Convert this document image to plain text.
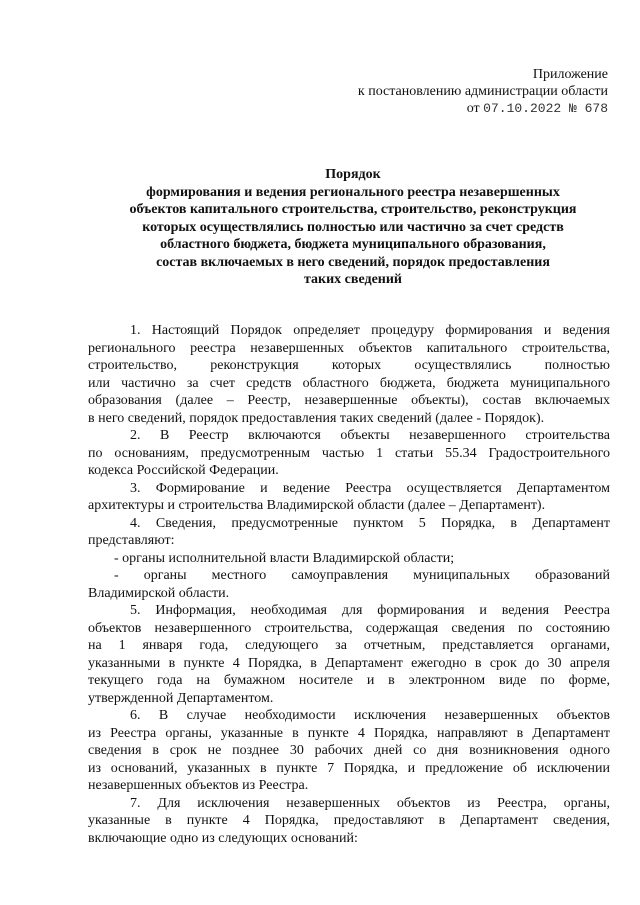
Приложение
к постановлению администрации области
от 07.10.2022 № 678
Порядок
формирования и ведения регионального реестра незавершенных
объектов капитального строительства, строительство, реконструкция
которых осуществлялись полностью или частично за счет средств
областного бюджета, бюджета муниципального образования,
состав включаемых в него сведений, порядок предоставления
таких сведений
1. Настоящий Порядок определяет процедуру формирования и ведения
регионального реестра незавершенных объектов капитального строительства,
строительство, реконструкция которых осуществлялись полностью
или частично за счет средств областного бюджета, бюджета муниципального
образования (далее – Реестр, незавершенные объекты), состав включаемых
в него сведений, порядок предоставления таких сведений (далее - Порядок).
2. В Реестр включаются объекты незавершенного строительства
по основаниям, предусмотренным частью 1 статьи 55.34 Градостроительного
кодекса Российской Федерации.
3. Формирование и ведение Реестра осуществляется Департаментом
архитектуры и строительства Владимирской области (далее – Департамент).
4. Сведения, предусмотренные пунктом 5 Порядка, в Департамент
представляют:
- органы исполнительной власти Владимирской области;
- органы местного самоуправления муниципальных образований
Владимирской области.
5. Информация, необходимая для формирования и ведения Реестра
объектов незавершенного строительства, содержащая сведения по состоянию
на 1 января года, следующего за отчетным, представляется органами,
указанными в пункте 4 Порядка, в Департамент ежегодно в срок до 30 апреля
текущего года на бумажном носителе и в электронном виде по форме,
утвержденной Департаментом.
6. В случае необходимости исключения незавершенных объектов
из Реестра органы, указанные в пункте 4 Порядка, направляют в Департамент
сведения в срок не позднее 30 рабочих дней со дня возникновения одного
из оснований, указанных в пункте 7 Порядка, и предложение об исключении
незавершенных объектов из Реестра.
7. Для исключения незавершенных объектов из Реестра, органы,
указанные в пункте 4 Порядка, предоставляют в Департамент сведения,
включающие одно из следующих оснований:
